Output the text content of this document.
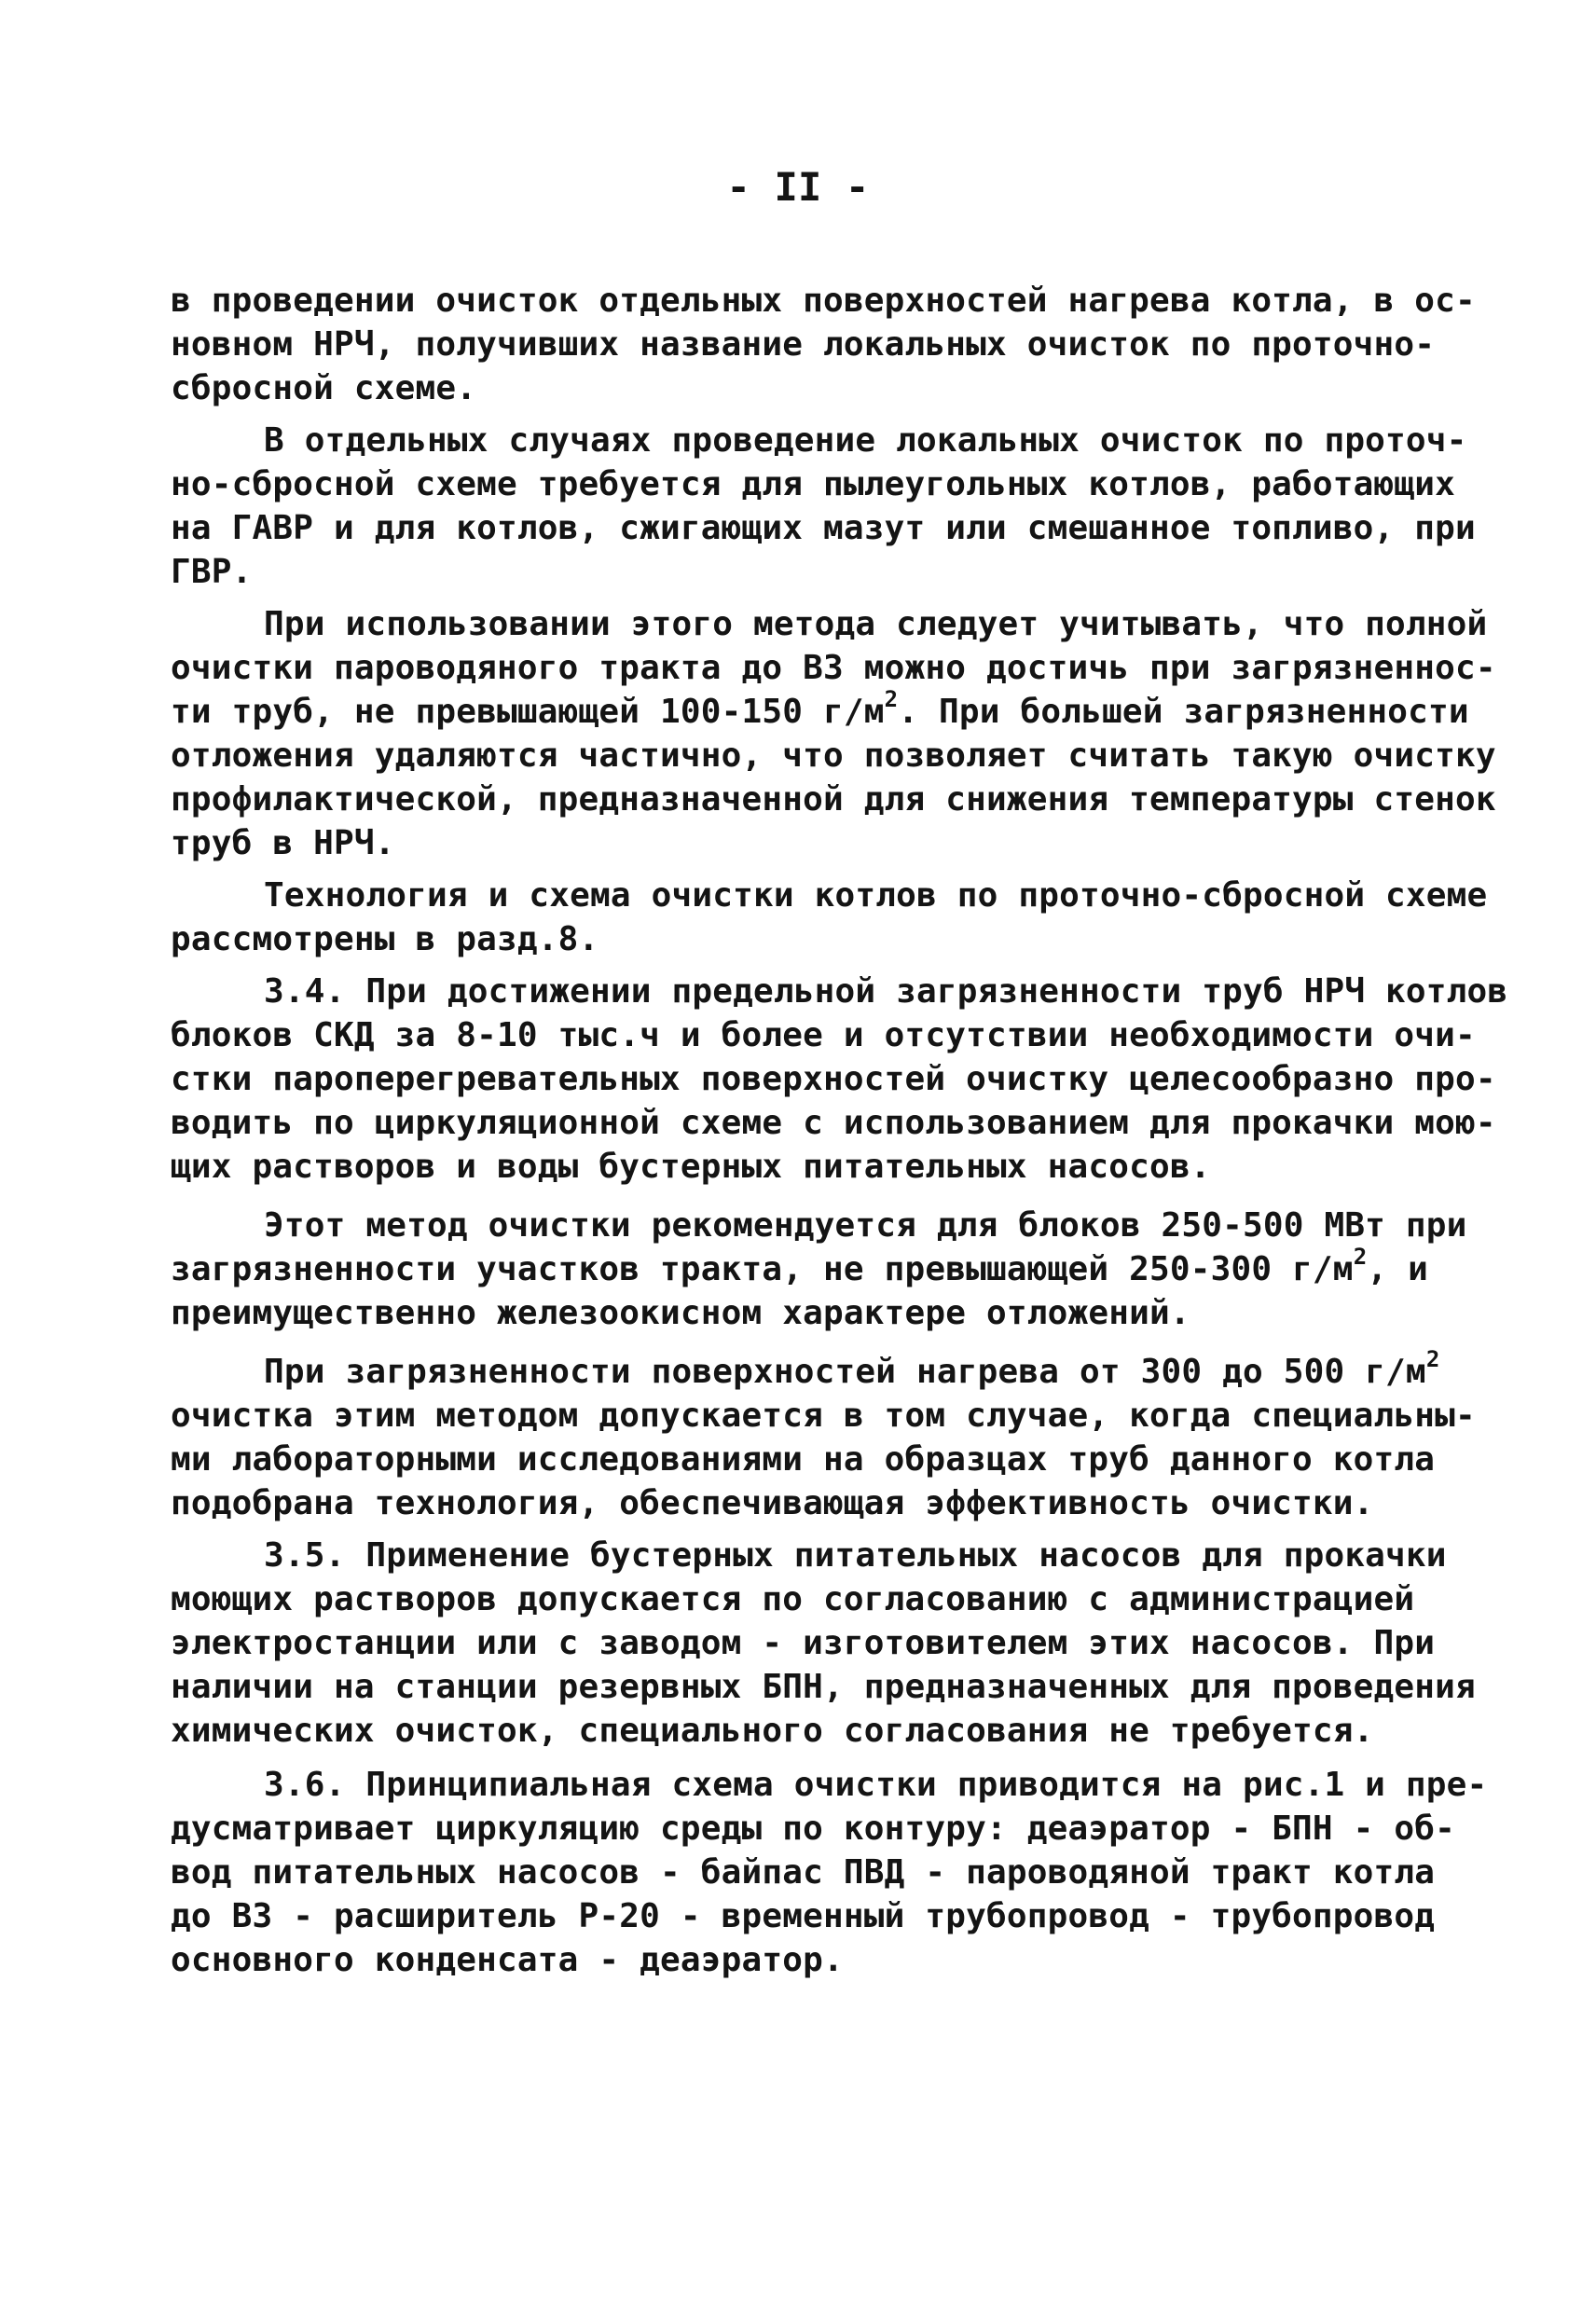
- II -
в проведении очисток отдельных поверхностей нагрева котла, в ос-
новном НРЧ, получивших название локальных очисток по проточно-
сбросной схеме.
В отдельных случаях проведение локальных очисток по проточ-
но-сбросной схеме требуется для пылеугольных котлов, работающих
на ГАВР и для котлов, сжигающих мазут или смешанное топливо, при
ГВР.
При использовании этого метода следует учитывать, что полной
очистки пароводяного тракта до ВЗ можно достичь при загрязненнос-
ти труб, не превышающей 100-150 $г/м^2$. При большей загрязненности
отложения удаляются частично, что позволяет считать такую очистку
профилактической, предназначенной для снижения температуры стенок
труб в НРЧ.
Технология и схема очистки котлов по проточно-сбросной схеме
рассмотрены в разд.8.
3.4. При достижении предельной загрязненности труб НРЧ котлов
блоков СКД за 8-10 тыс.ч и более и отсутствии необходимости очи-
стки пароперегревательных поверхностей очистку целесообразно про-
водить по циркуляционной схеме с использованием для прокачки мою-
щих растворов и воды бустерных питательных насосов.
Этот метод очистки рекомендуется для блоков 250-500 МВт при
загрязненности участков тракта, не превышающей 250-300 $г/м^2$, и
преимущественно железоокисном характере отложений.
При загрязненности поверхностей нагрева от 300 до 500 $г/м^2$
очистка этим методом допускается в том случае, когда специальны-
ми лабораторными исследованиями на образцах труб данного котла
подобрана технология, обеспечивающая эффективность очистки.
3.5. Применение бустерных питательных насосов для прокачки
моющих растворов допускается по согласованию с администрацией
электростанции или с заводом - изготовителем этих насосов. При
наличии на станции резервных БПН, предназначенных для проведения
химических очисток, специального согласования не требуется.
3.6. Принципиальная схема очистки приводится на рис.1 и пре-
дусматривает циркуляцию среды по контуру: деаэратор - БПН - об-
вод питательных насосов - байпас ПВД - пароводяной тракт котла
до ВЗ - расширитель Р-20 - временный трубопровод - трубопровод
основного конденсата - деаэратор.
